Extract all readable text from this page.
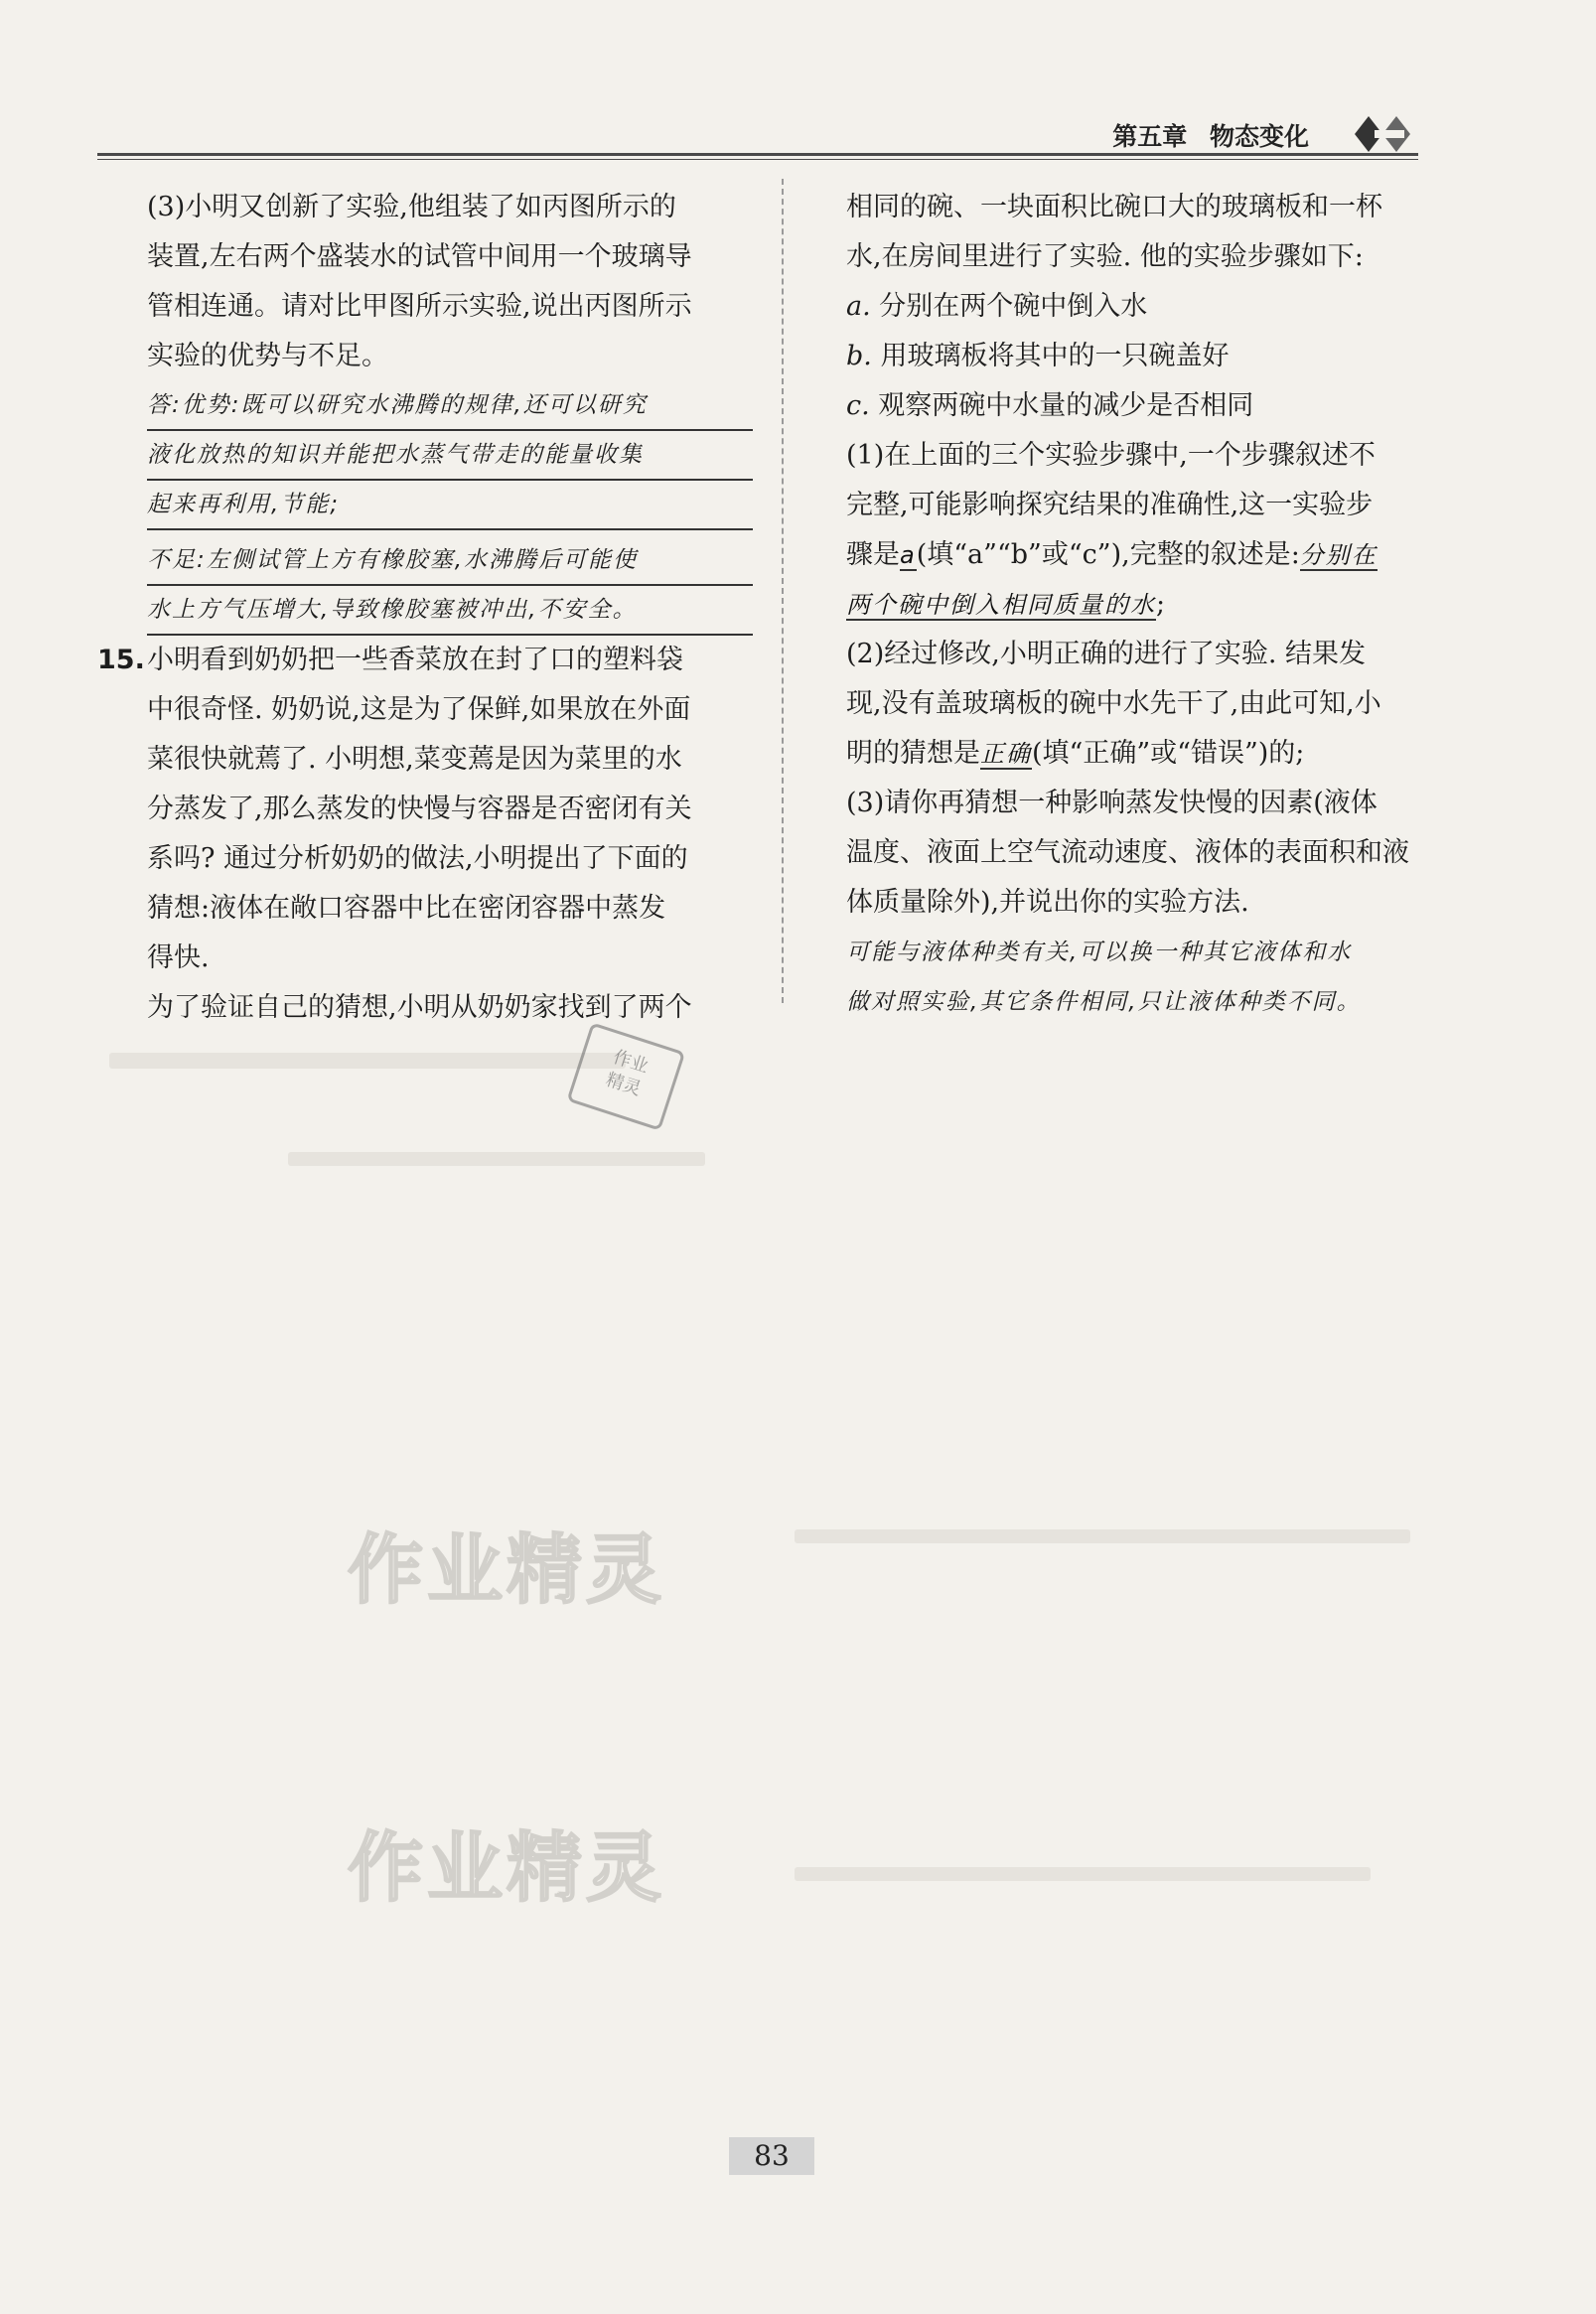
第五章 物态变化
(3)小明又创新了实验,他组装了如丙图所示的
装置,左右两个盛装水的试管中间用一个玻璃导
管相连通。请对比甲图所示实验,说出丙图所示
实验的优势与不足。
答:优势:既可以研究水沸腾的规律,还可以研究
液化放热的知识并能把水蒸气带走的能量收集
起来再利用,节能;
不足:左侧试管上方有橡胶塞,水沸腾后可能使
水上方气压增大,导致橡胶塞被冲出,不安全。
15. 小明看到奶奶把一些香菜放在封了口的塑料袋
中很奇怪. 奶奶说,这是为了保鲜,如果放在外面
菜很快就蔫了. 小明想,菜变蔫是因为菜里的水
分蒸发了,那么蒸发的快慢与容器是否密闭有关
系吗? 通过分析奶奶的做法,小明提出了下面的
猜想:液体在敞口容器中比在密闭容器中蒸发
得快.
为了验证自己的猜想,小明从奶奶家找到了两个
相同的碗、一块面积比碗口大的玻璃板和一杯
水,在房间里进行了实验. 他的实验步骤如下:
a. 分别在两个碗中倒入水
b. 用玻璃板将其中的一只碗盖好
c. 观察两碗中水量的减少是否相同
(1)在上面的三个实验步骤中,一个步骤叙述不
完整,可能影响探究结果的准确性,这一实验步
骤是a(填“a”“b”或“c”),完整的叙述是:分别在
两个碗中倒入相同质量的水;
(2)经过修改,小明正确的进行了实验. 结果发
现,没有盖玻璃板的碗中水先干了,由此可知,小
明的猜想是正确(填“正确”或“错误”)的;
(3)请你再猜想一种影响蒸发快慢的因素(液体
温度、液面上空气流动速度、液体的表面积和液
体质量除外),并说出你的实验方法.
可能与液体种类有关,可以换一种其它液体和水
做对照实验,其它条件相同,只让液体种类不同。
作业
精灵
作业精灵
作业精灵
83
